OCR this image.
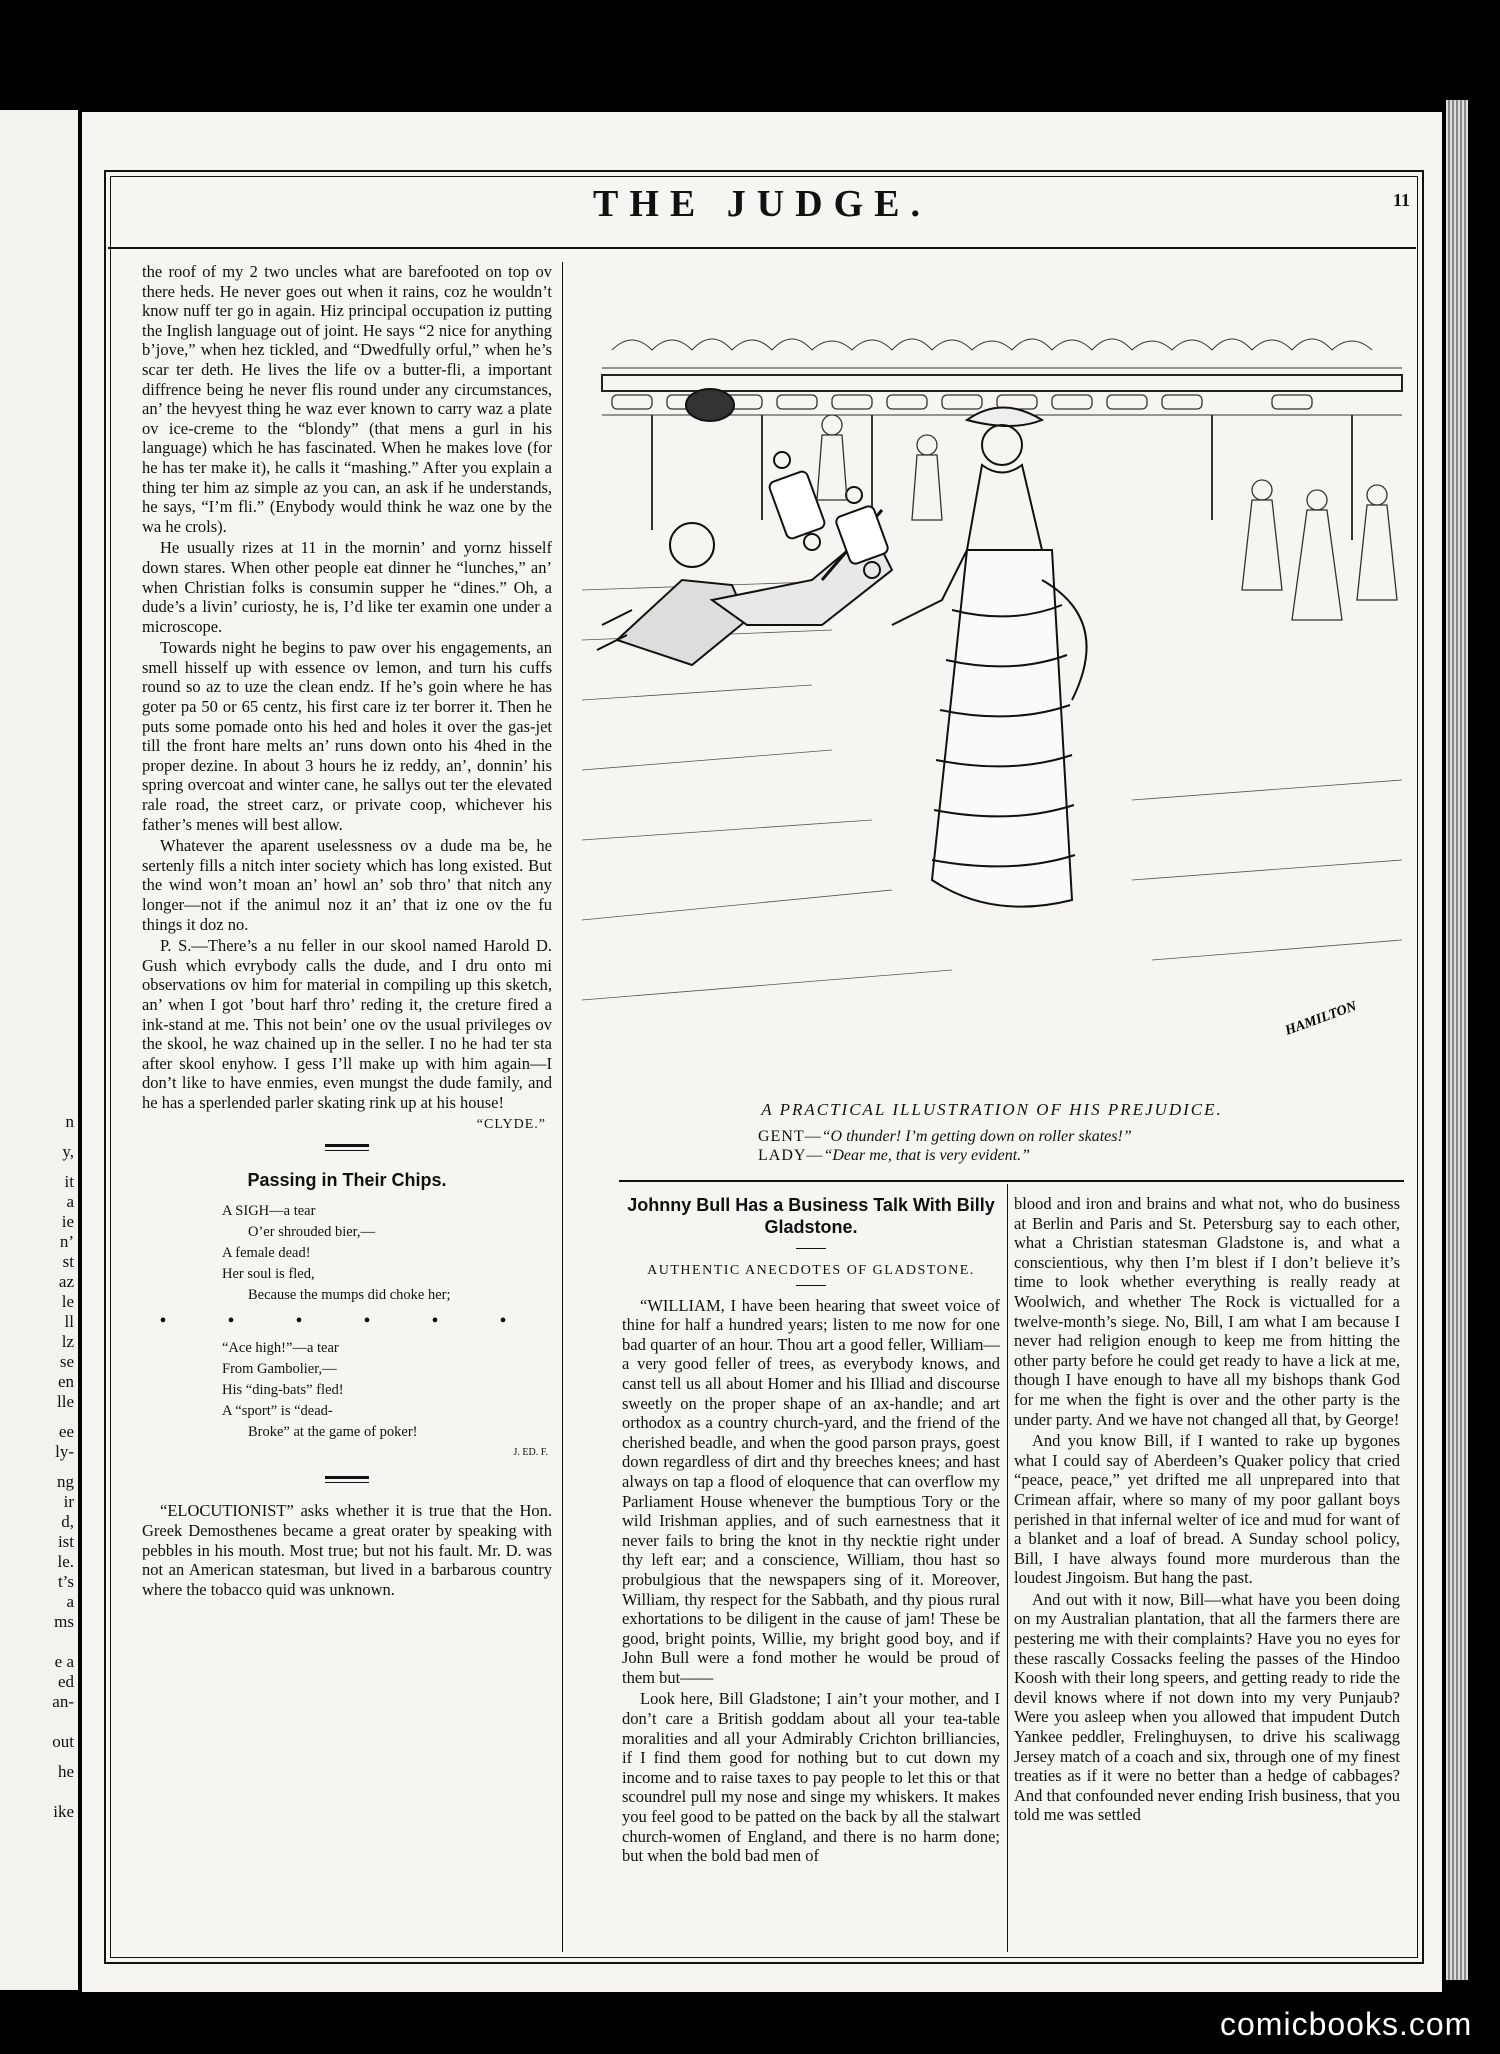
n
y,
it
a
ie
n’
st
az
le
ll
lz
se
en
lle
ee
ly-
ng
ir
d,
ist
le.
t’s
a
ms
e a
ed
an-
out
he
ike
THE JUDGE.	11

the roof of my 2 two uncles what are barefooted on top ov there heds. He never goes out when it rains, coz he wouldn’t know nuff ter go in again. Hiz principal occupation iz putting the Inglish language out of joint. He says “2 nice for anything b’jove,” when hez tickled, and “Dwedfully orful,” when he’s scar ter deth. He lives the life ov a butter-fli, a important diffrence being he never flis round under any circumstances, an’ the hevyest thing he waz ever known to carry waz a plate ov ice-creme to the “blondy” (that mens a gurl in his language) which he has fascinated. When he makes love (for he has ter make it), he calls it “mashing.” After you explain a thing ter him az simple az you can, an ask if he understands, he says, “I’m fli.” (Enybody would think he waz one by the wa he crols).

He usually rizes at 11 in the mornin’ and yornz hisself down stares. When other people eat dinner he “lunches,” an’ when Christian folks is consumin supper he “dines.” Oh, a dude’s a livin’ curiosty, he is, I’d like ter examin one under a microscope.

Towards night he begins to paw over his engagements, an smell hisself up with essence ov lemon, and turn his cuffs round so az to uze the clean endz. If he’s goin where he has goter pa 50 or 65 centz, his first care iz ter borrer it. Then he puts some pomade onto his hed and holes it over the gas-jet till the front hare melts an’ runs down onto his 4hed in the proper dezine. In about 3 hours he iz reddy, an’, donnin’ his spring overcoat and winter cane, he sallys out ter the elevated rale road, the street carz, or private coop, whichever his father’s menes will best allow.

Whatever the aparent uselessness ov a dude ma be, he sertenly fills a nitch inter society which has long existed. But the wind won’t moan an’ howl an’ sob thro’ that nitch any longer—not if the animul noz it an’ that iz one ov the fu things it doz no.

P. S.—There’s a nu feller in our skool named Harold D. Gush which evrybody calls the dude, and I dru onto mi observations ov him for material in compiling up this sketch, an’ when I got ’bout harf thro’ reding it, the creture fired a ink-stand at me. This not bein’ one ov the usual privileges ov the skool, he waz chained up in the seller. I no he had ter sta after skool enyhow. I gess I’ll make up with him again—I don’t like to have enmies, even mungst the dude family, and he has a sperlended parler skating rink up at his house!

“CLYDE.”
Passing in Their Chips.
A SIGH—a tear
O’er shrouded bier,—
A female dead!
Her soul is fled,
Because the mumps did choke her;
• • • • • •
“Ace high!”—a tear
From Gambolier,—
His “ding-bats” fled!
A “sport” is “dead-
Broke” at the game of poker!
J. ED. F.

“ELOCUTIONIST” asks whether it is true that the Hon. Greek Demosthenes became a great orater by speaking with pebbles in his mouth. Most true; but not his fault. Mr. D. was not an American statesman, but lived in a barbarous country where the tobacco quid was unknown.

HAMILTON
A PRACTICAL ILLUSTRATION OF HIS PREJUDICE.
GENT—“O thunder! I’m getting down on roller skates!”
LADY—“Dear me, that is very evident.”
Johnny Bull Has a Business Talk With Billy Gladstone.
AUTHENTIC ANECDOTES OF GLADSTONE.

“WILLIAM, I have been hearing that sweet voice of thine for half a hundred years; listen to me now for one bad quarter of an hour. Thou art a good feller, William—a very good feller of trees, as everybody knows, and canst tell us all about Homer and his Illiad and discourse sweetly on the proper shape of an ax-handle; and art orthodox as a country church-yard, and the friend of the cherished beadle, and when the good parson prays, goest down regardless of dirt and thy breeches knees; and hast always on tap a flood of eloquence that can overflow my Parliament House whenever the bumptious Tory or the wild Irishman applies, and of such earnestness that it never fails to bring the knot in thy necktie right under thy left ear; and a conscience, William, thou hast so probulgious that the newspapers sing of it. Moreover, William, thy respect for the Sabbath, and thy pious rural exhortations to be diligent in the cause of jam! These be good, bright points, Willie, my bright good boy, and if John Bull were a fond mother he would be proud of them but——

Look here, Bill Gladstone; I ain’t your mother, and I don’t care a British goddam about all your tea-table moralities and all your Admirably Crichton brilliancies, if I find them good for nothing but to cut down my income and to raise taxes to pay people to let this or that scoundrel pull my nose and singe my whiskers. It makes you feel good to be patted on the back by all the stalwart church-women of England, and there is no harm done; but when the bold bad men of

blood and iron and brains and what not, who do business at Berlin and Paris and St. Petersburg say to each other, what a Christian statesman Gladstone is, and what a conscientious, why then I’m blest if I don’t believe it’s time to look whether everything is really ready at Woolwich, and whether The Rock is victualled for a twelve-month’s siege. No, Bill, I am what I am because I never had religion enough to keep me from hitting the other party before he could get ready to have a lick at me, though I have enough to have all my bishops thank God for me when the fight is over and the other party is the under party. And we have not changed all that, by George!

And you know Bill, if I wanted to rake up bygones what I could say of Aberdeen’s Quaker policy that cried “peace, peace,” yet drifted me all unprepared into that Crimean affair, where so many of my poor gallant boys perished in that infernal welter of ice and mud for want of a blanket and a loaf of bread. A Sunday school policy, Bill, I have always found more murderous than the loudest Jingoism. But hang the past.

And out with it now, Bill—what have you been doing on my Australian plantation, that all the farmers there are pestering me with their complaints? Have you no eyes for these rascally Cossacks feeling the passes of the Hindoo Koosh with their long speers, and getting ready to ride the devil knows where if not down into my very Punjaub? Were you asleep when you allowed that impudent Dutch Yankee peddler, Frelinghuysen, to drive his scaliwagg Jersey match of a coach and six, through one of my finest treaties as if it were no better than a hedge of cabbages? And that confounded never ending Irish business, that you told me was settled

comicbooks.com
